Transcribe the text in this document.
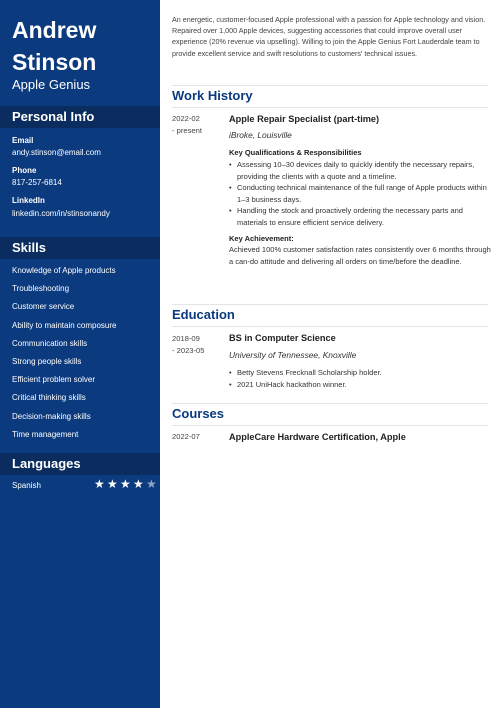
Andrew
Stinson
Apple Genius
Personal Info
Email
andy.stinson@email.com
Phone
817-257-6814
LinkedIn
linkedin.com/in/stinsonandy
Skills
Knowledge of Apple products
Troubleshooting
Customer service
Ability to maintain composure
Communication skills
Strong people skills
Efficient problem solver
Critical thinking skills
Decision-making skills
Time management
Languages
Spanish	★ ★ ★ ★ ★
An energetic, customer-focused Apple professional with a passion for Apple technology and vision. Repaired over 1,000 Apple devices, suggesting accessories that could improve overall user experience (20% revenue via upselling). Willing to join the Apple Genius Fort Lauderdale team to provide excellent service and swift resolutions to customers' technical issues.
Work History
2022-02
- present
Apple Repair Specialist (part-time)
iBroke, Louisville
Key Qualifications & Responsibilities
• Assessing 10–30 devices daily to quickly identify the necessary repairs, providing the clients with a quote and a timeline.
• Conducting technical maintenance of the full range of Apple products within 1–3 business days.
• Handling the stock and proactively ordering the necessary parts and materials to ensure efficient service delivery.
Key Achievement:
Achieved 100% customer satisfaction rates consistently over 6 months through a can-do attitude and delivering all orders on time/before the deadline.
Education
2018-09
- 2023-05
BS in Computer Science
University of Tennessee, Knoxville
• Betty Stevens Frecknall Scholarship holder.
• 2021 UniHack hackathon winner.
Courses
2022-07	AppleCare Hardware Certification, Apple
